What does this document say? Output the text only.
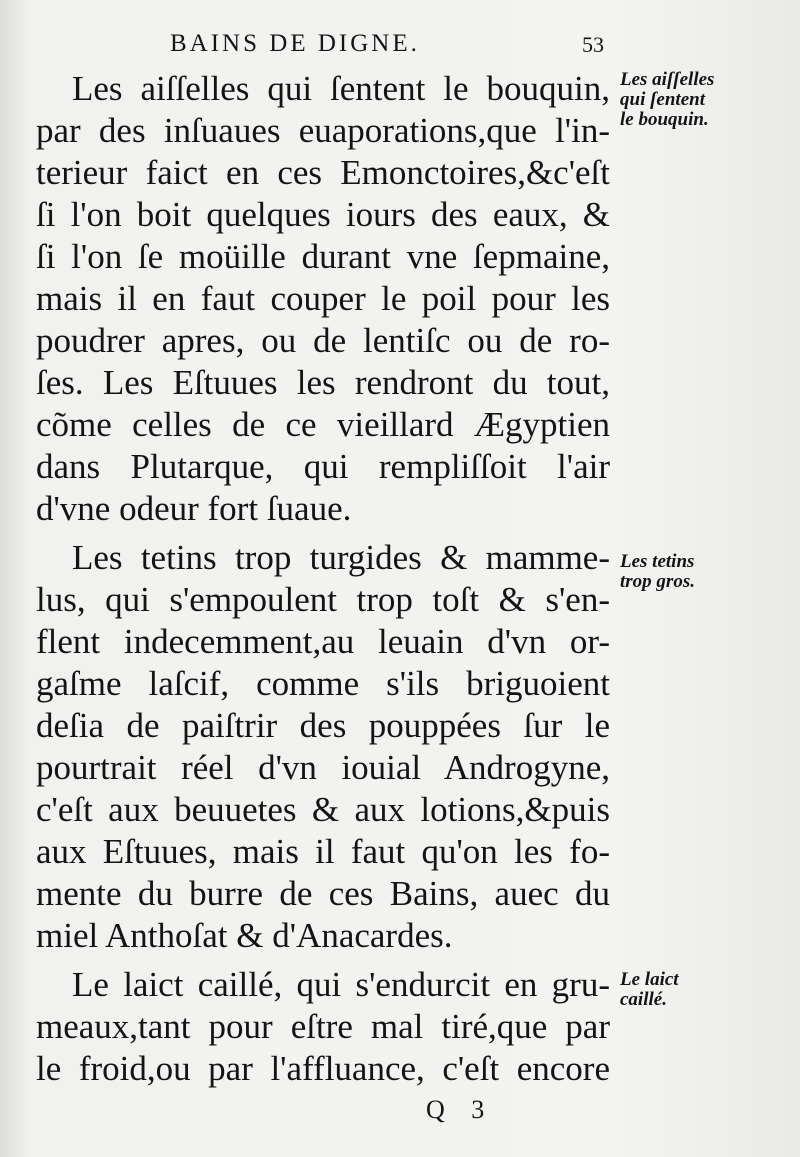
BAINS DE DIGNE.	53
Les aiſſelles qui ſentent le bouquin,
par des inſuaues euaporations,que l'in-
terieur faict en ces Emonctoires,&c'eſt
ſi l'on boit quelques iours des eaux, &
ſi l'on ſe moüille durant vne ſepmaine,
mais il en faut couper le poil pour les
poudrer apres, ou de lentiſc ou de ro-
ſes. Les Eſtuues les rendront du tout,
cõme celles de ce vieillard Ægyptien
dans Plutarque, qui rempliſſoit l'air
d'vne odeur fort ſuaue.
Les tetins trop turgides & mamme-
lus, qui s'empoulent trop toſt & s'en-
flent indecemment,au leuain d'vn or-
gaſme laſcif, comme s'ils briguoient
deſia de paiſtrir des pouppées ſur le
pourtrait réel d'vn iouial Androgyne,
c'eſt aux beuuetes & aux lotions,&puis
aux Eſtuues, mais il faut qu'on les fo-
mente du burre de ces Bains, auec du
miel Anthoſat & d'Anacardes.
Le laict caillé, qui s'endurcit en gru-
meaux,tant pour eſtre mal tiré,que par
le froid,ou par l'affluance, c'eſt encore
Les aiſſelles
qui ſentent
le bouquin.
Les tetins
trop gros.
Le laict
caillé.
Q 3
